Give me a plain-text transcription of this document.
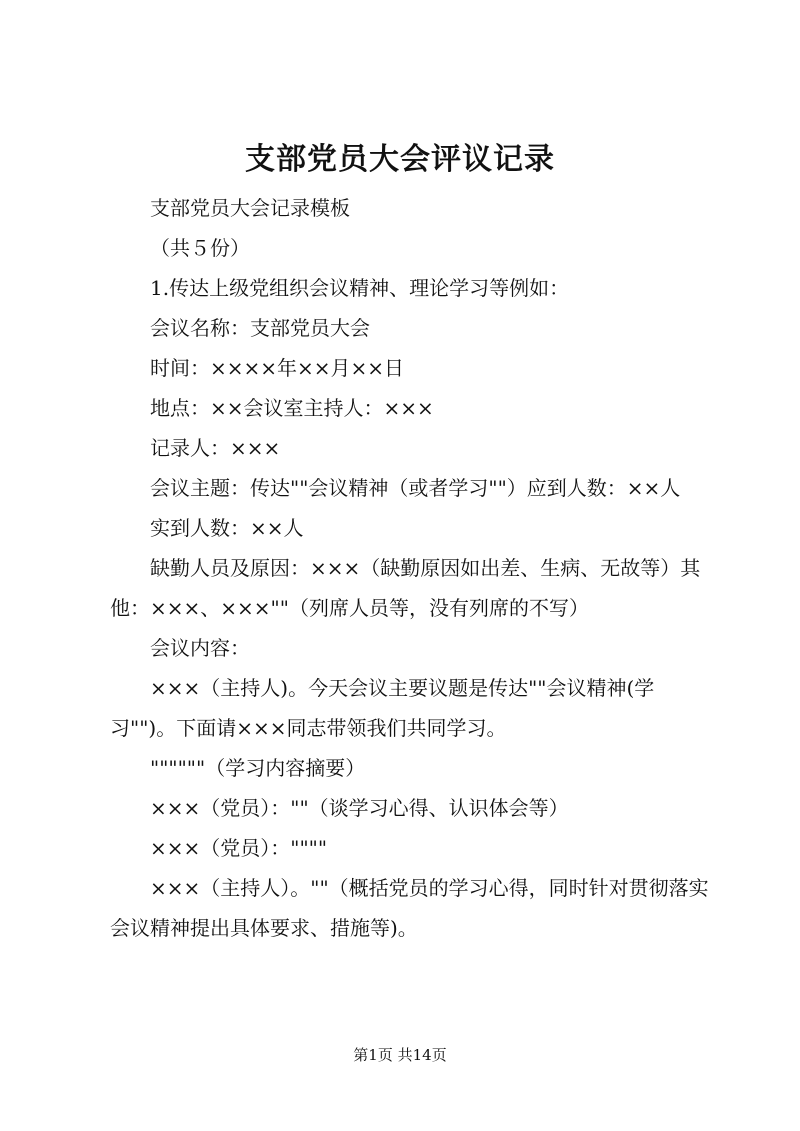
支部党员大会评议记录

支部党员大会记录模板

（共５份）

1.传达上级党组织会议精神、理论学习等例如：

会议名称：支部党员大会

时间：××××年××月××日

地点：××会议室主持人：×××

记录人：×××

会议主题：传达""会议精神（或者学习""）应到人数：××人

实到人数：××人

缺勤人员及原因：×××（缺勤原因如出差、生病、无故等）其他：×××、×××""（列席人员等，没有列席的不写）

会议内容：

×××（主持人)。今天会议主要议题是传达""会议精神(学习"")。下面请×××同志带领我们共同学习。

""""""（学习内容摘要）

×××（党员）：""（谈学习心得、认识体会等）

×××（党员）：""""

×××（主持人）。""（概括党员的学习心得，同时针对贯彻落实会议精神提出具体要求、措施等)。

第1页 共14页
